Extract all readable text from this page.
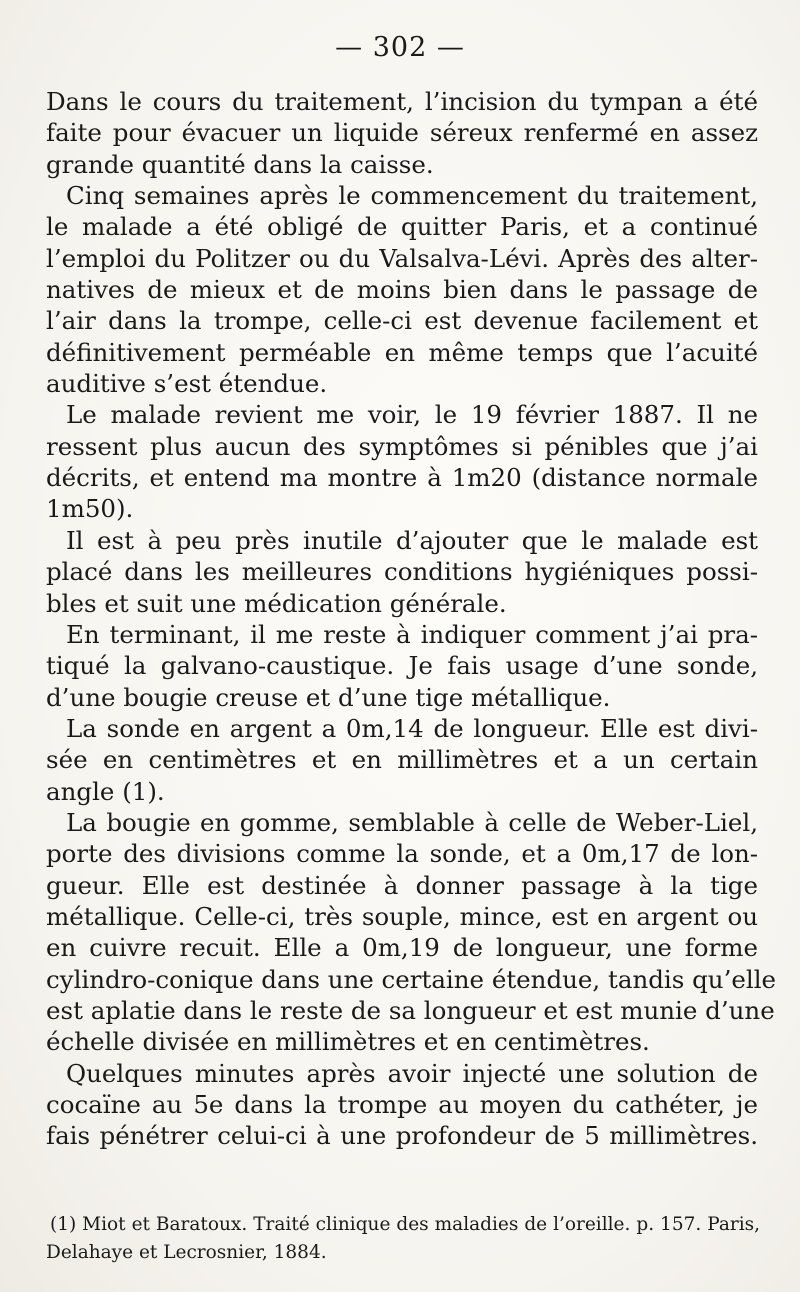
— 302 —
Dans le cours du traitement, l’incision du tympan a été
faite pour évacuer un liquide séreux renfermé en assez
grande quantité dans la caisse.
Cinq semaines après le commencement du traitement,
le malade a été obligé de quitter Paris, et a continué
l’emploi du Politzer ou du Valsalva-Lévi. Après des alter-
natives de mieux et de moins bien dans le passage de
l’air dans la trompe, celle-ci est devenue facilement et
définitivement perméable en même temps que l’acuité
auditive s’est étendue.
Le malade revient me voir, le 19 février 1887. Il ne
ressent plus aucun des symptômes si pénibles que j’ai
décrits, et entend ma montre à 1m20 (distance normale
1m50).
Il est à peu près inutile d’ajouter que le malade est
placé dans les meilleures conditions hygiéniques possi-
bles et suit une médication générale.
En terminant, il me reste à indiquer comment j’ai pra-
tiqué la galvano-caustique. Je fais usage d’une sonde,
d’une bougie creuse et d’une tige métallique.
La sonde en argent a 0m,14 de longueur. Elle est divi-
sée en centimètres et en millimètres et a un certain
angle (1).
La bougie en gomme, semblable à celle de Weber-Liel,
porte des divisions comme la sonde, et a 0m,17 de lon-
gueur. Elle est destinée à donner passage à la tige
métallique. Celle-ci, très souple, mince, est en argent ou
en cuivre recuit. Elle a 0m,19 de longueur, une forme
cylindro-conique dans une certaine étendue, tandis qu’elle
est aplatie dans le reste de sa longueur et est munie d’une
échelle divisée en millimètres et en centimètres.
Quelques minutes après avoir injecté une solution de
cocaïne au 5e dans la trompe au moyen du cathéter, je
fais pénétrer celui-ci à une profondeur de 5 millimètres.
(1) Miot et Baratoux. Traité clinique des maladies de l’oreille. p. 157. Paris,
Delahaye et Lecrosnier, 1884.
